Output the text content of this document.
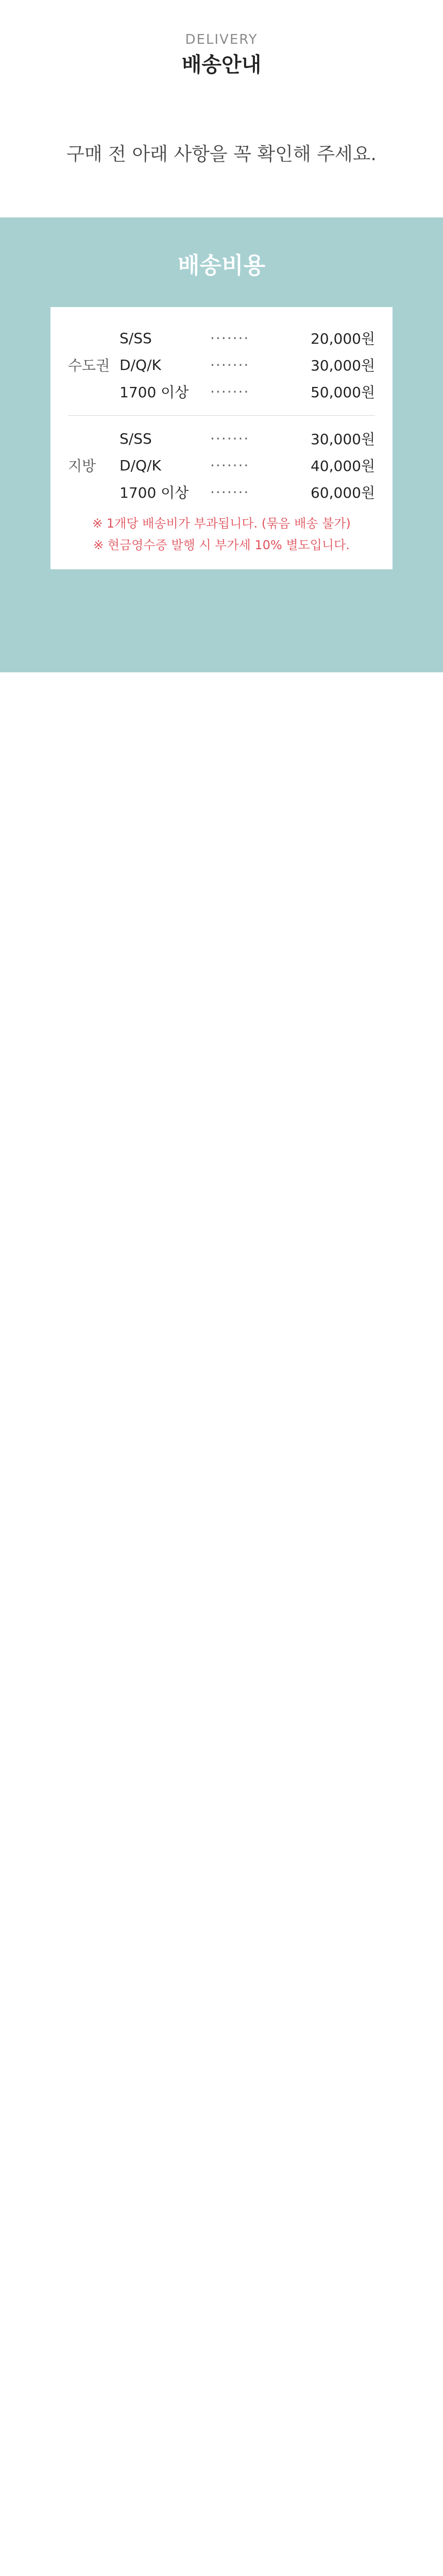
DELIVERY
배송안내
구매 전 아래 사항을 꼭 확인해 주세요.
배송비용
수도권
S/SS	·······	20,000원
D/Q/K	·······	30,000원
1700 이상	·······	50,000원
지방
S/SS	·······	30,000원
D/Q/K	·······	40,000원
1700 이상	·······	60,000원
※ 1개당 배송비가 부과됩니다. (묶음 배송 불가)
※ 현금영수증 발행 시 부가세 10% 별도입니다.
